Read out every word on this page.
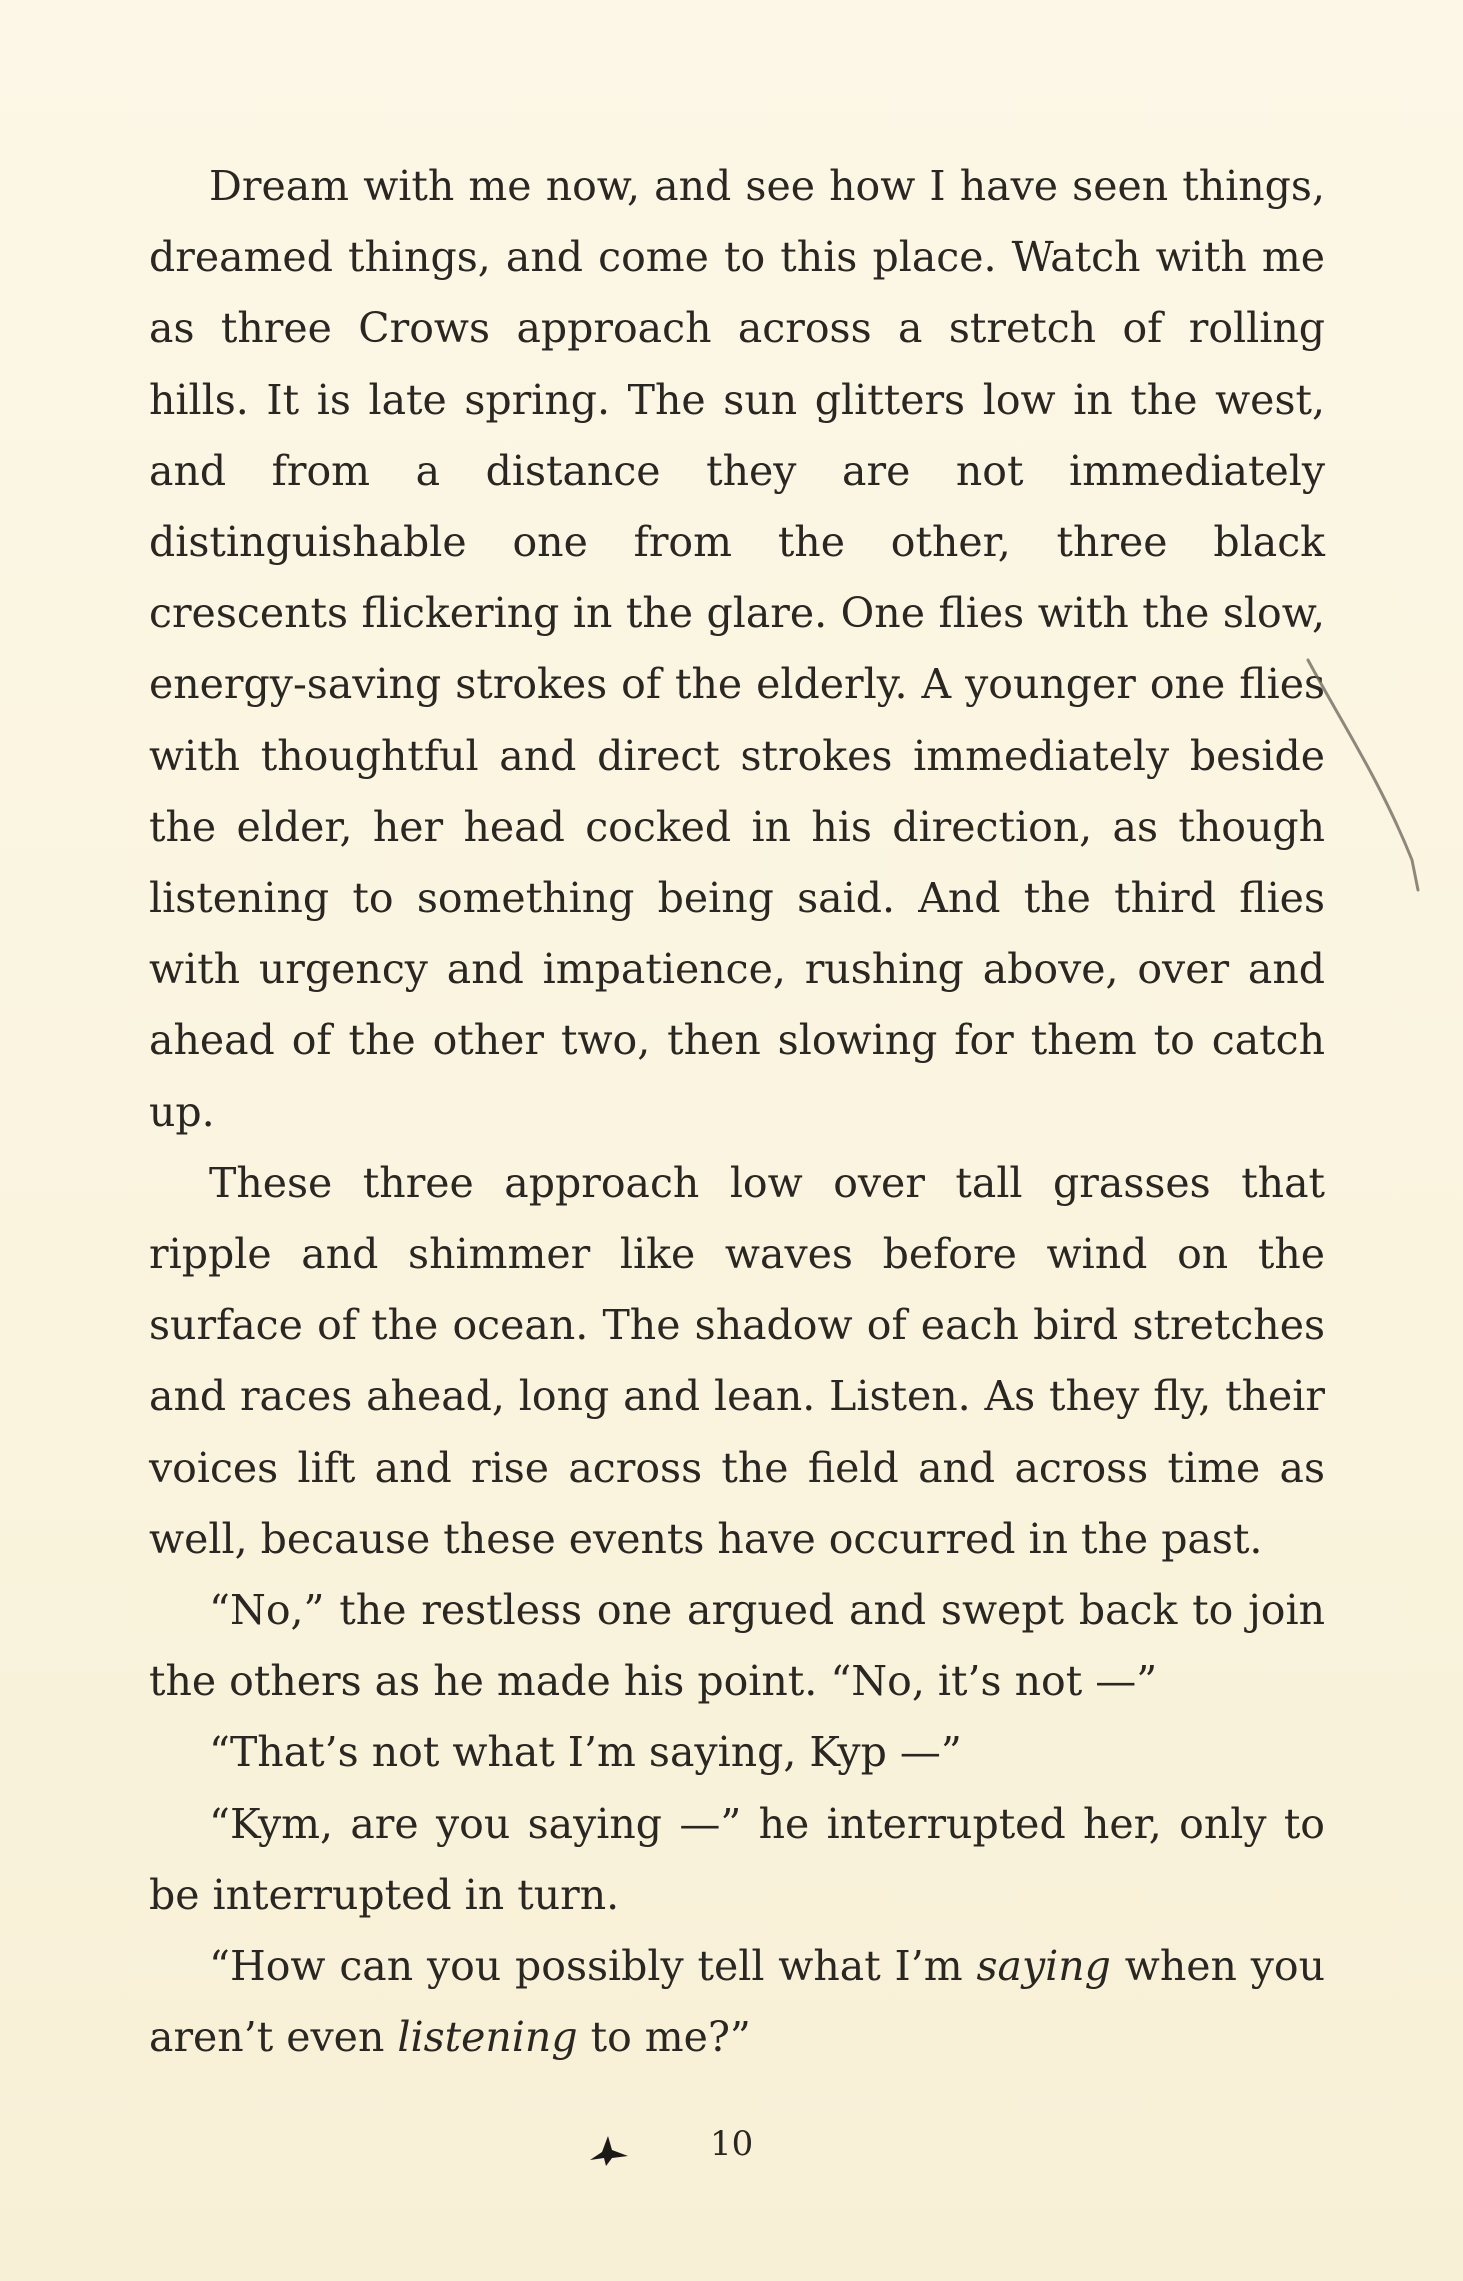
Dream with me now, and see how I have seen things, dreamed things, and come to this place. Watch with me as three Crows approach across a stretch of rolling hills. It is late spring. The sun glitters low in the west, and from a distance they are not immediately distinguishable one from the other, three black crescents flickering in the glare. One flies with the slow, energy-saving strokes of the elderly. A younger one flies with thoughtful and direct strokes immediately beside the elder, her head cocked in his direction, as though listening to something being said. And the third flies with urgency and impatience, rushing above, over and ahead of the other two, then slowing for them to catch up.

These three approach low over tall grasses that ripple and shimmer like waves before wind on the surface of the ocean. The shadow of each bird stretches and races ahead, long and lean. Listen. As they fly, their voices lift and rise across the field and across time as well, because these events have occurred in the past.

“No,” the restless one argued and swept back to join the others as he made his point. “No, it’s not —”

“That’s not what I’m saying, Kyp —”

“Kym, are you saying —” he interrupted her, only to be interrupted in turn.

“How can you possibly tell what I’m saying when you aren’t even listening to me?”

10
